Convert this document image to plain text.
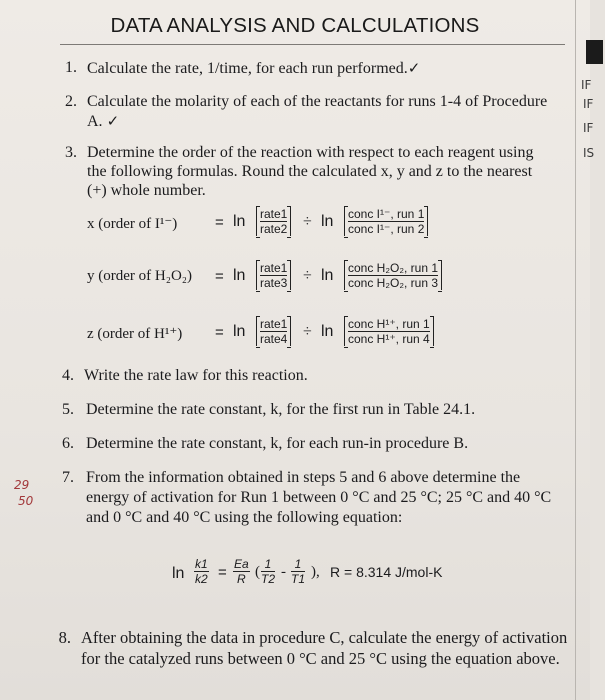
DATA ANALYSIS AND CALCULATIONS
1. Calculate the rate, 1/time, for each run performed.✓
2. Calculate the molarity of each of the reactants for runs 1-4 of Procedure
A. ✓
3. Determine the order of the reaction with respect to each reagent using
the following formulas. Round the calculated x, y and z to the nearest
(+) whole number.
x (order of I¹⁻)	= ln rate1
rate2 ÷ ln conc I¹⁻, run 1
conc I¹⁻, run 2
y (order of H₂O₂) = ln rate1
rate3 ÷ ln conc H₂O₂, run 1
conc H₂O₂, run 3
z (order of H¹⁺) = ln rate1
rate4 ÷ ln conc H¹⁺, run 1
conc H¹⁺, run 4
4. Write the rate law for this reaction.
5. Determine the rate constant, k, for the first run in Table 24.1.
6. Determine the rate constant, k, for each run-in procedure B.
7. From the information obtained in steps 5 and 6 above determine the
energy of activation for Run 1 between 0 °C and 25 °C; 25 °C and 40 °C
and 0 °C and 40 °C using the following equation:
ln
k1
k2 = Ea
R ( 1
T2 - 1
T1 ), R = 8.314 J/mol-K
8. After obtaining the data in procedure C, calculate the energy of activation
for the catalyzed runs between 0 °C and 25 °C using the equation above.
29
50
IF
IF
IF
IS
